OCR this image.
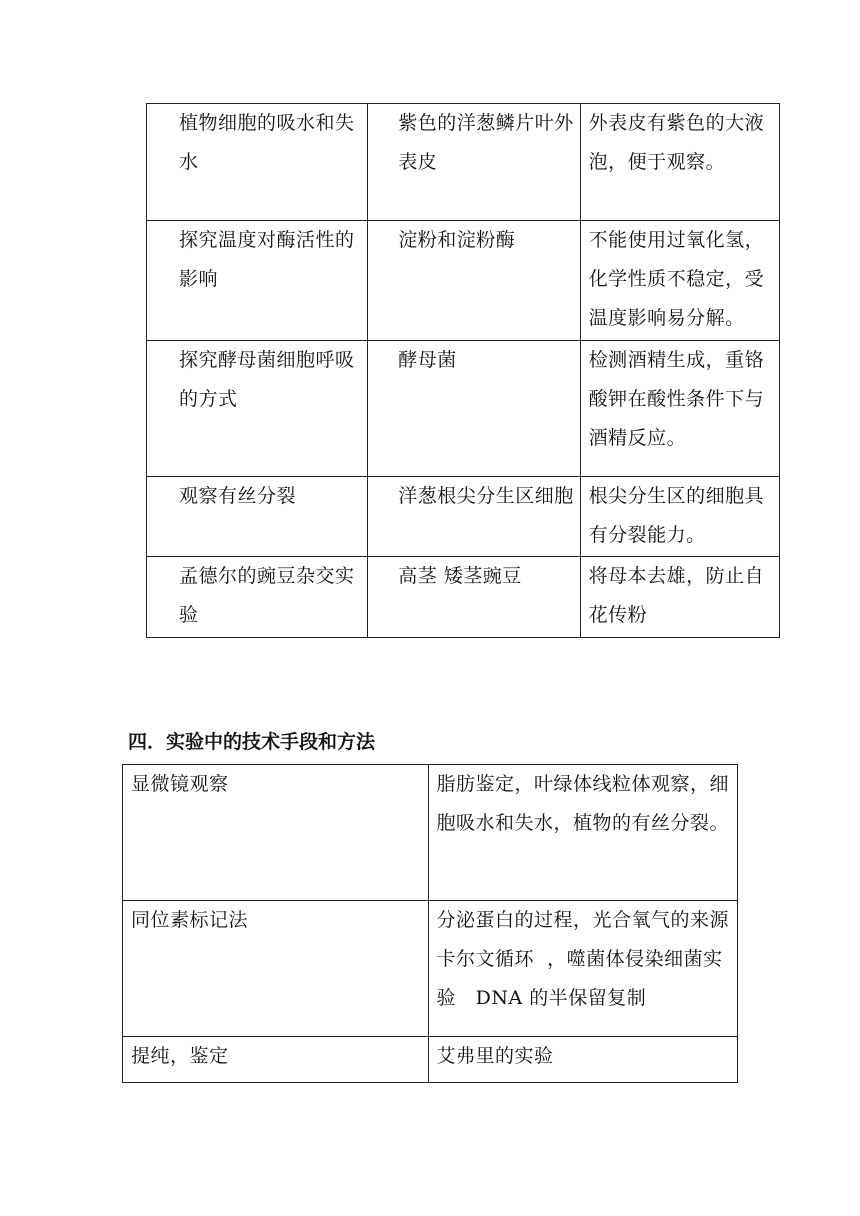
植物细胞的吸水和失水	紫色的洋葱鳞片叶外表皮	外表皮有紫色的大液泡，便于观察。
探究温度对酶活性的影响	淀粉和淀粉酶	不能使用过氧化氢，化学性质不稳定，受温度影响易分解。
探究酵母菌细胞呼吸的方式	酵母菌	检测酒精生成，重铬酸钾在酸性条件下与酒精反应。
观察有丝分裂	洋葱根尖分生区细胞	根尖分生区的细胞具有分裂能力。
孟德尔的豌豆杂交实验	高茎 矮茎豌豆	将母本去雄，防止自花传粉
四．实验中的技术手段和方法
显微镜观察	脂肪鉴定，叶绿体线粒体观察，细胞吸水和失水，植物的有丝分裂。
同位素标记法	分泌蛋白的过程，光合氧气的来源  卡尔文循环  ，噬菌体侵染细菌实验   DNA 的半保留复制
提纯，鉴定	艾弗里的实验
